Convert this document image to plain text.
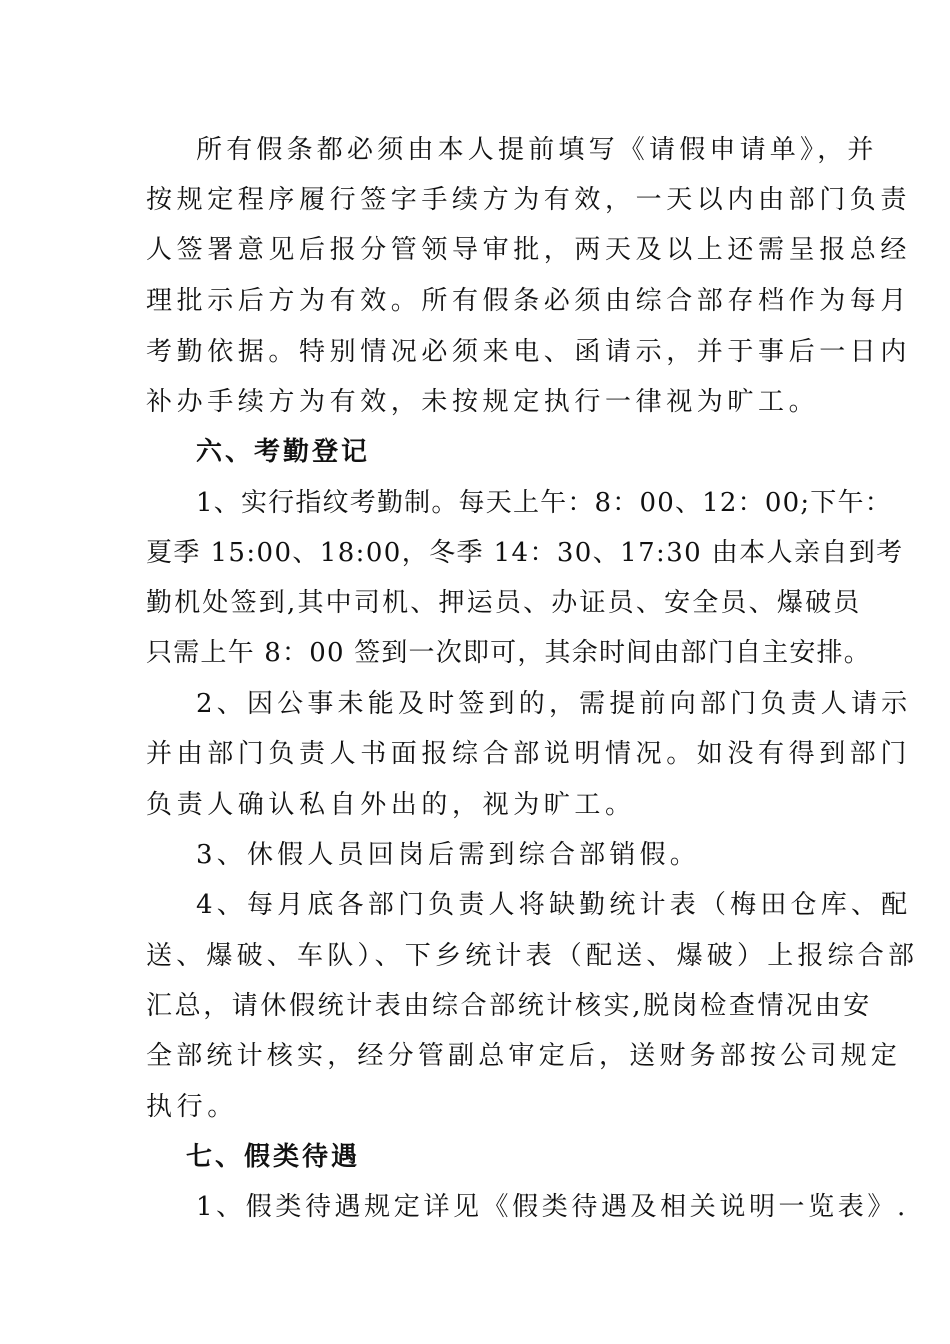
所有假条都必须由本人提前填写《请假申请单》，并
按规定程序履行签字手续方为有效，一天以内由部门负责
人签署意见后报分管领导审批，两天及以上还需呈报总经
理批示后方为有效。所有假条必须由综合部存档作为每月
考勤依据。特别情况必须来电、函请示，并于事后一日内
补办手续方为有效，未按规定执行一律视为旷工。
六、考勤登记
1、实行指纹考勤制。每天上午：8：00、12：00;下午：
夏季 15:00、18:00，冬季 14：30、17:30 由本人亲自到考
勤机处签到,其中司机、押运员、办证员、安全员、爆破员
只需上午 8：00 签到一次即可，其余时间由部门自主安排。
2、因公事未能及时签到的，需提前向部门负责人请示
并由部门负责人书面报综合部说明情况。如没有得到部门
负责人确认私自外出的，视为旷工。
3、休假人员回岗后需到综合部销假。
4、每月底各部门负责人将缺勤统计表（梅田仓库、配
送、爆破、车队）、下乡统计表（配送、爆破）上报综合部
汇总，请休假统计表由综合部统计核实,脱岗检查情况由安
全部统计核实，经分管副总审定后，送财务部按公司规定
执行。
七、假类待遇
1、假类待遇规定详见《假类待遇及相关说明一览表》.
